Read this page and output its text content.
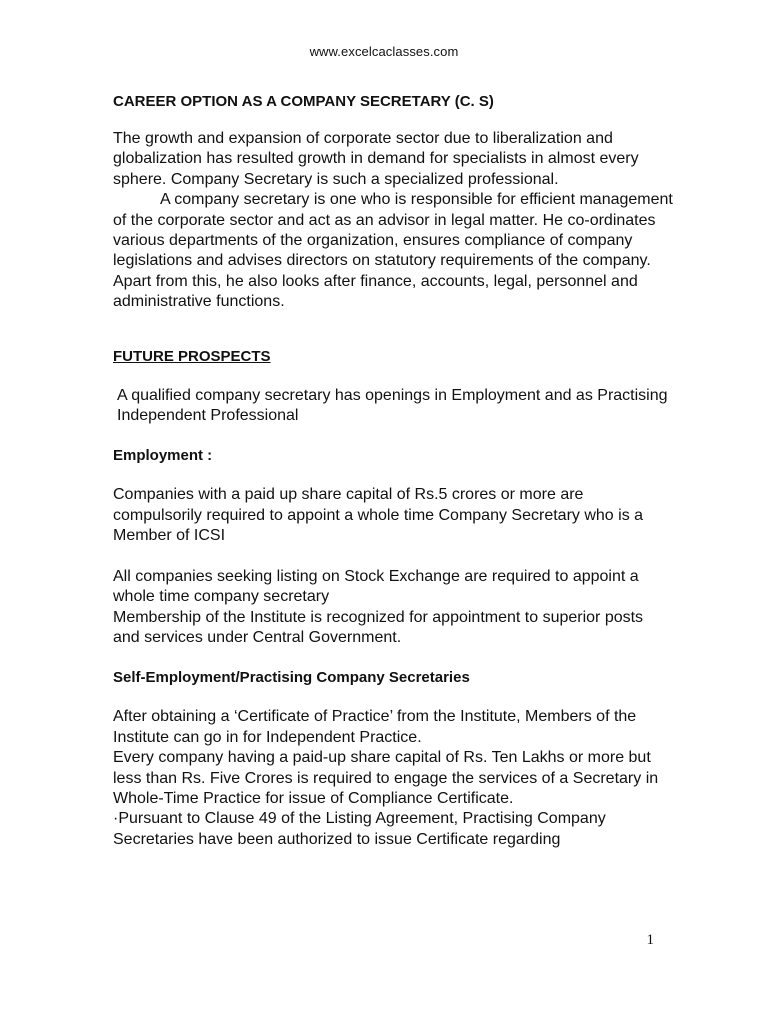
www.excelcaclasses.com

CAREER OPTION AS A COMPANY SECRETARY (C. S)

The growth and expansion of corporate sector due to liberalization and globalization has resulted growth in demand for specialists in almost every sphere. Company Secretary is such a specialized professional.

A company secretary is one who is responsible for efficient management of the corporate sector and act as an advisor in legal matter. He co-ordinates various departments of the organization, ensures compliance of company legislations and advises directors on statutory requirements of the company. Apart from this, he also looks after finance, accounts, legal, personnel and administrative functions.

FUTURE PROSPECTS

A qualified company secretary has openings in Employment and as Practising Independent Professional

Employment :

Companies with a paid up share capital of Rs.5 crores or more are compulsorily required to appoint a whole time Company Secretary who is a Member of ICSI

All companies seeking listing on Stock Exchange are required to appoint a whole time company secretary

Membership of the Institute is recognized for appointment to superior posts and services under Central Government.

Self-Employment/Practising Company Secretaries

After obtaining a ‘Certificate of Practice’ from the Institute, Members of the Institute can go in for Independent Practice.

Every company having a paid-up share capital of Rs. Ten Lakhs or more but less than Rs. Five Crores is required to engage the services of a Secretary in Whole-Time Practice for issue of Compliance Certificate.

·Pursuant to Clause 49 of the Listing Agreement, Practising Company Secretaries have been authorized to issue Certificate regarding

1
